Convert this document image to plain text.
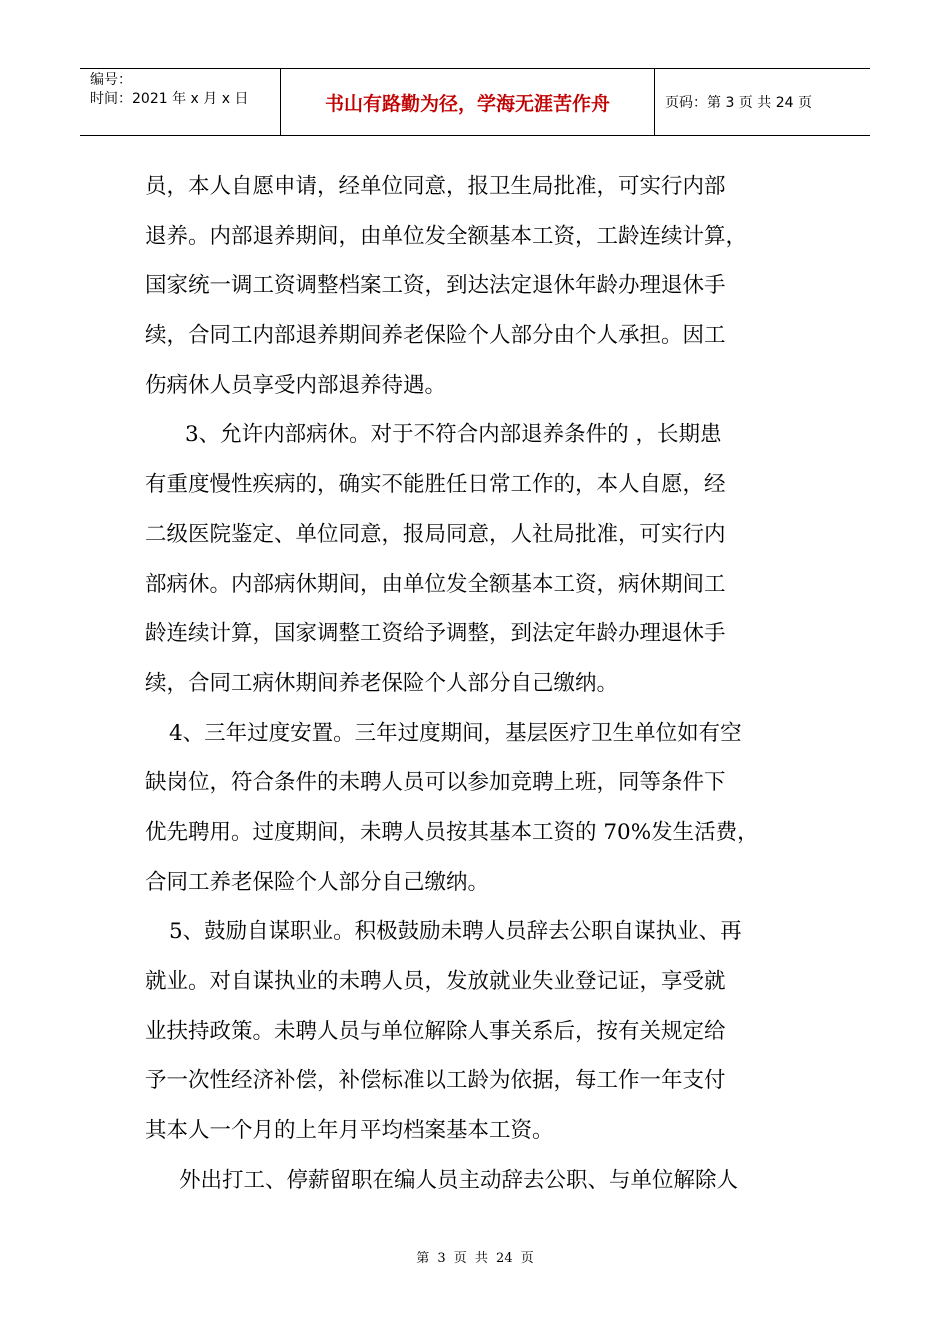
编号：
时间：2021 年 x 月 x 日	书山有路勤为径，学海无涯苦作舟	页码：第 3 页 共 24 页
员，本人自愿申请，经单位同意，报卫生局批准，可实行内部
退养。内部退养期间，由单位发全额基本工资，工龄连续计算，
国家统一调工资调整档案工资，到达法定退休年龄办理退休手
续，合同工内部退养期间养老保险个人部分由个人承担。因工
伤病休人员享受内部退养待遇。
3、允许内部病休。对于不符合内部退养条件的 ，长期患
有重度慢性疾病的，确实不能胜任日常工作的，本人自愿，经
二级医院鉴定、单位同意，报局同意，人社局批准，可实行内
部病休。内部病休期间，由单位发全额基本工资，病休期间工
龄连续计算，国家调整工资给予调整，到法定年龄办理退休手
续，合同工病休期间养老保险个人部分自己缴纳。
4、三年过度安置。三年过度期间，基层医疗卫生单位如有空
缺岗位，符合条件的未聘人员可以参加竞聘上班，同等条件下
优先聘用。过度期间，未聘人员按其基本工资的 70%发生活费，
合同工养老保险个人部分自己缴纳。
5、鼓励自谋职业。积极鼓励未聘人员辞去公职自谋执业、再
就业。对自谋执业的未聘人员，发放就业失业登记证，享受就
业扶持政策。未聘人员与单位解除人事关系后，按有关规定给
予一次性经济补偿，补偿标准以工龄为依据，每工作一年支付
其本人一个月的上年月平均档案基本工资。
外出打工、停薪留职在编人员主动辞去公职、与单位解除人
第 3 页 共 24 页
